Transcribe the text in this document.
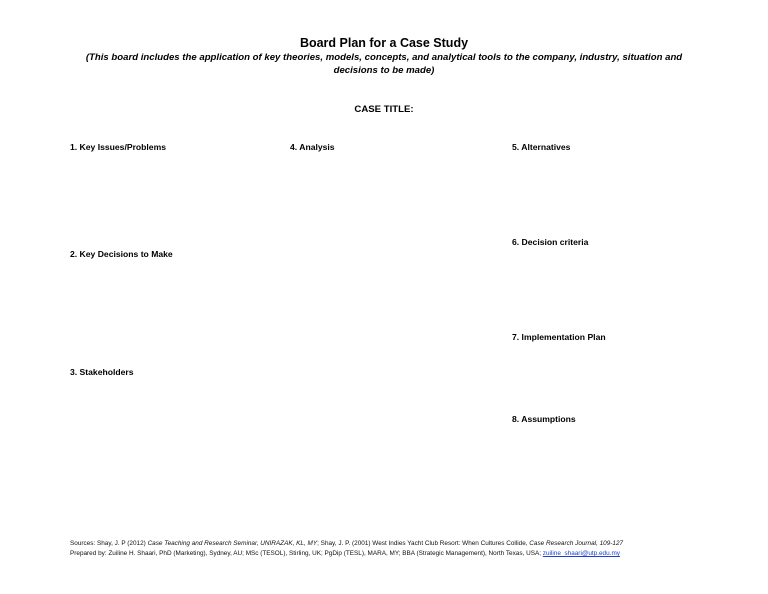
Board Plan for a Case Study
(This board includes the application of key theories, models, concepts, and analytical tools to the company, industry, situation and decisions to be made)
CASE TITLE:
1. Key Issues/Problems
2. Key Decisions to Make
3. Stakeholders
4. Analysis	5. Alternatives
6. Decision criteria
7. Implementation Plan
8. Assumptions
Sources: Shay, J. P (2012) Case Teaching and Research Seminar, UNIRAZAK, KL, MY; Shay, J. P. (2001) West Indies Yacht Club Resort: When Cultures Collide, Case Research Journal, 109-127
Prepared by: Zuiline H. Shaari, PhD (Marketing), Sydney, AU; MSc (TESOL), Stirling, UK; PgDip (TESL), MARA, MY; BBA (Strategic Management), North Texas, USA; zuiline_shaari@utp.edu.my
